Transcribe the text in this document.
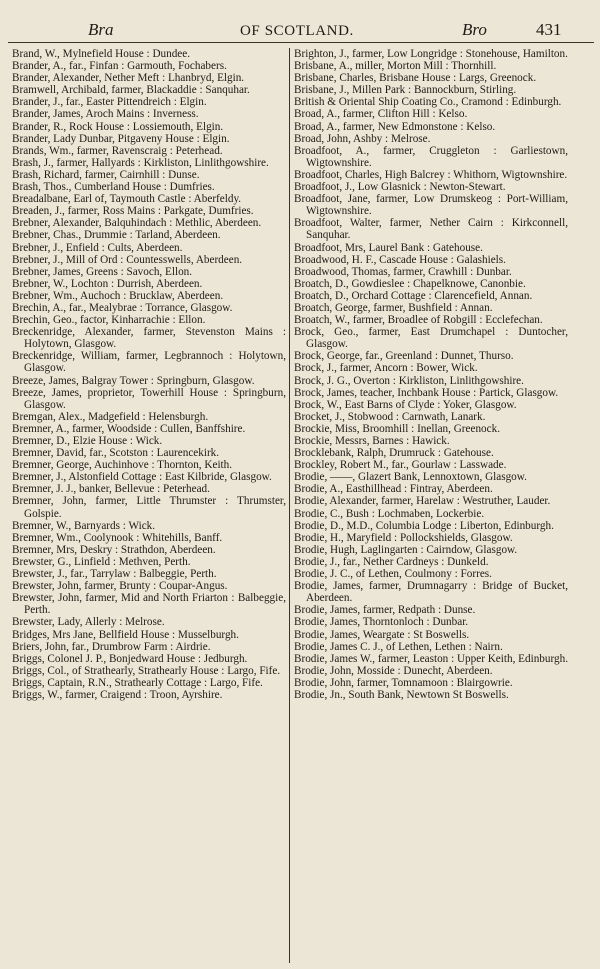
Bra	OF SCOTLAND.	Bro	431

Brand, W., Mylnefield House : Dundee.

Brander, A., far., Finfan : Garmouth, Fochabers.

Brander, Alexander, Nether Meft : Lhanbryd, Elgin.

Bramwell, Archibald, farmer, Blackaddie : Sanquhar.

Brander, J., far., Easter Pittendreich : Elgin.

Brander, James, Aroch Mains : Inverness.

Brander, R., Rock House : Lossiemouth, Elgin.

Brander, Lady Dunbar, Pitgaveny House : Elgin.

Brands, Wm., farmer, Ravenscraig : Peterhead.

Brash, J., farmer, Hallyards : Kirkliston, Linlithgowshire.

Brash, Richard, farmer, Cairnhill : Dunse.

Brash, Thos., Cumberland House : Dumfries.

Breadalbane, Earl of, Taymouth Castle : Aberfeldy.

Breaden, J., farmer, Ross Mains : Parkgate, Dumfries.

Brebner, Alexander, Balquhindach : Methlic, Aberdeen.

Brebner, Chas., Drummie : Tarland, Aberdeen.

Brebner, J., Enfield : Cults, Aberdeen.

Brebner, J., Mill of Ord : Countesswells, Aberdeen.

Brebner, James, Greens : Savoch, Ellon.

Brebner, W., Lochton : Durrish, Aberdeen.

Brebner, Wm., Auchoch : Brucklaw, Aberdeen.

Brechin, A., far., Mealybrae : Torrance, Glasgow.

Brechin, Geo., factor, Kinharrachie : Ellon.

Breckenridge, Alexander, farmer, Stevenston Mains : Holytown, Glasgow.

Breckenridge, William, farmer, Legbrannoch : Holytown, Glasgow.

Breeze, James, Balgray Tower : Springburn, Glasgow.

Breeze, James, proprietor, Towerhill House : Springburn, Glasgow.

Bremgan, Alex., Madgefield : Helensburgh.

Bremner, A., farmer, Woodside : Cullen, Banffshire.

Bremner, D., Elzie House : Wick.

Bremner, David, far., Scotston : Laurencekirk.

Bremner, George, Auchinhove : Thornton, Keith.

Bremner, J., Alstonfield Cottage : East Kilbride, Glasgow.

Bremner, J. J., banker, Bellevue : Peterhead.

Bremner, John, farmer, Little Thrumster : Thrumster, Golspie.

Bremner, W., Barnyards : Wick.

Bremner, Wm., Coolynook : Whitehills, Banff.

Bremner, Mrs, Deskry : Strathdon, Aberdeen.

Brewster, G., Linfield : Methven, Perth.

Brewster, J., far., Tarrylaw : Balbeggie, Perth.

Brewster, John, farmer, Brunty : Coupar-Angus.

Brewster, John, farmer, Mid and North Friarton : Balbeggie, Perth.

Brewster, Lady, Allerly : Melrose.

Bridges, Mrs Jane, Bellfield House : Musselburgh.

Briers, John, far., Drumbrow Farm : Airdrie.

Briggs, Colonel J. P., Bonjedward House : Jedburgh.

Briggs, Col., of Strathearly, Strathearly House : Largo, Fife.

Briggs, Captain, R.N., Strathearly Cottage : Largo, Fife.

Briggs, W., farmer, Craigend : Troon, Ayrshire.

Brighton, J., farmer, Low Longridge : Stonehouse, Hamilton.

Brisbane, A., miller, Morton Mill : Thornhill.

Brisbane, Charles, Brisbane House : Largs, Greenock.

Brisbane, J., Millen Park : Bannockburn, Stirling.

British & Oriental Ship Coating Co., Cramond : Edinburgh.

Broad, A., farmer, Clifton Hill : Kelso.

Broad, A., farmer, New Edmonstone : Kelso.

Broad, John, Ashby : Melrose.

Broadfoot, A., farmer, Cruggleton : Garliestown, Wigtownshire.

Broadfoot, Charles, High Balcrey : Whithorn, Wigtownshire.

Broadfoot, J., Low Glasnick : Newton-Stewart.

Broadfoot, Jane, farmer, Low Drumskeog : Port-William, Wigtownshire.

Broadfoot, Walter, farmer, Nether Cairn : Kirkconnell, Sanquhar.

Broadfoot, Mrs, Laurel Bank : Gatehouse.

Broadwood, H. F., Cascade House : Galashiels.

Broadwood, Thomas, farmer, Crawhill : Dunbar.

Broatch, D., Gowdieslee : Chapelknowe, Canonbie.

Broatch, D., Orchard Cottage : Clarencefield, Annan.

Broatch, George, farmer, Bushfield : Annan.

Broatch, W., farmer, Broadlee of Robgill : Ecclefechan.

Brock, Geo., farmer, East Drumchapel : Duntocher, Glasgow.

Brock, George, far., Greenland : Dunnet, Thurso.

Brock, J., farmer, Ancorn : Bower, Wick.

Brock, J. G., Overton : Kirkliston, Linlithgowshire.

Brock, James, teacher, Inchbank House : Partick, Glasgow.

Brock, W., East Barns of Clyde : Yoker, Glasgow.

Brocket, J., Stobwood : Carnwath, Lanark.

Brockie, Miss, Broomhill : Inellan, Greenock.

Brockie, Messrs, Barnes : Hawick.

Brocklebank, Ralph, Drumruck : Gatehouse.

Brockley, Robert M., far., Gourlaw : Lasswade.

Brodie, ——, Glazert Bank, Lennoxtown, Glasgow.

Brodie, A., Easthillhead : Fintray, Aberdeen.

Brodie, Alexander, farmer, Harelaw : Westruther, Lauder.

Brodie, C., Bush : Lochmaben, Lockerbie.

Brodie, D., M.D., Columbia Lodge : Liberton, Edinburgh.

Brodie, H., Maryfield : Pollockshields, Glasgow.

Brodie, Hugh, Laglingarten : Cairndow, Glasgow.

Brodie, J., far., Nether Cardneys : Dunkeld.

Brodie, J. C., of Lethen, Coulmony : Forres.

Brodie, James, farmer, Drumnagarry : Bridge of Bucket, Aberdeen.

Brodie, James, farmer, Redpath : Dunse.

Brodie, James, Thorntonloch : Dunbar.

Brodie, James, Weargate : St Boswells.

Brodie, James C. J., of Lethen, Lethen : Nairn.

Brodie, James W., farmer, Leaston : Upper Keith, Edinburgh.

Brodie, John, Mosside : Dunecht, Aberdeen.

Brodie, John, farmer, Tomnamoon : Blairgowrie.

Brodie, Jn., South Bank, Newtown St Boswells.
